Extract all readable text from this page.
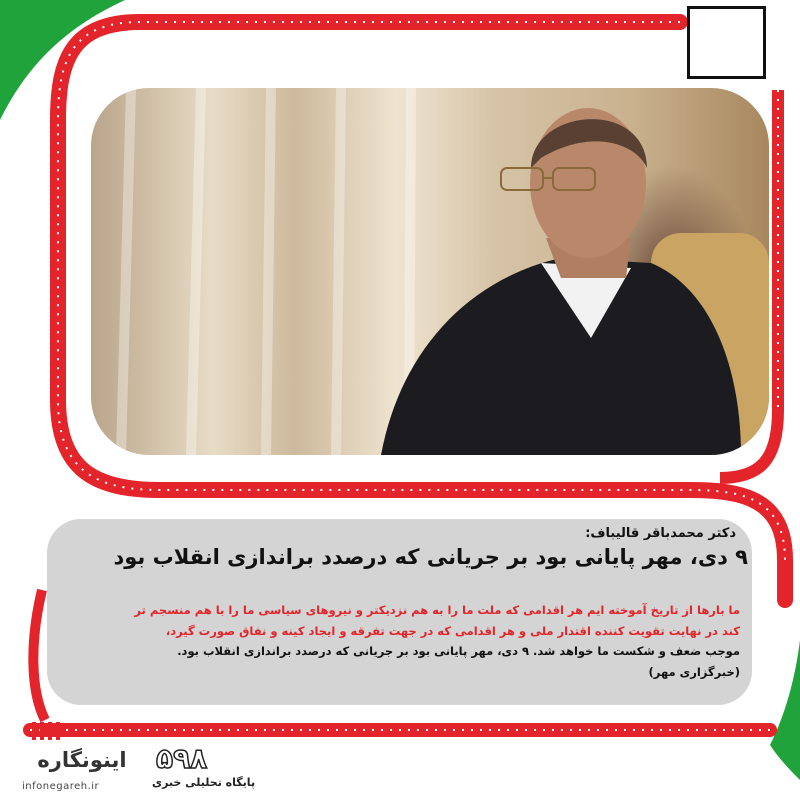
دکتر محمدباقر قالیباف:
۹ دی، مهر پایانی بود بر جریانی که درصدد براندازی انقلاب بود
ما بارها از تاریخ آموخته ایم هر اقدامی که ملت ما را به هم نزدیکتر و نیروهای سیاسی ما را با هم منسجم تر
کند در نهایت تقویت کننده اقتدار ملی و هر اقدامی که در جهت تفرقه و ایجاد کینه و نفاق صورت گیرد،
موجب ضعف و شکست ما خواهد شد. ۹ دی، مهر پایانی بود بر جریانی که درصدد براندازی انقلاب بود.
(خبرگزاری مهر)
اینونگاره
infonegareh.ir
۵۹۸
پایگاه تحلیلی خبری
